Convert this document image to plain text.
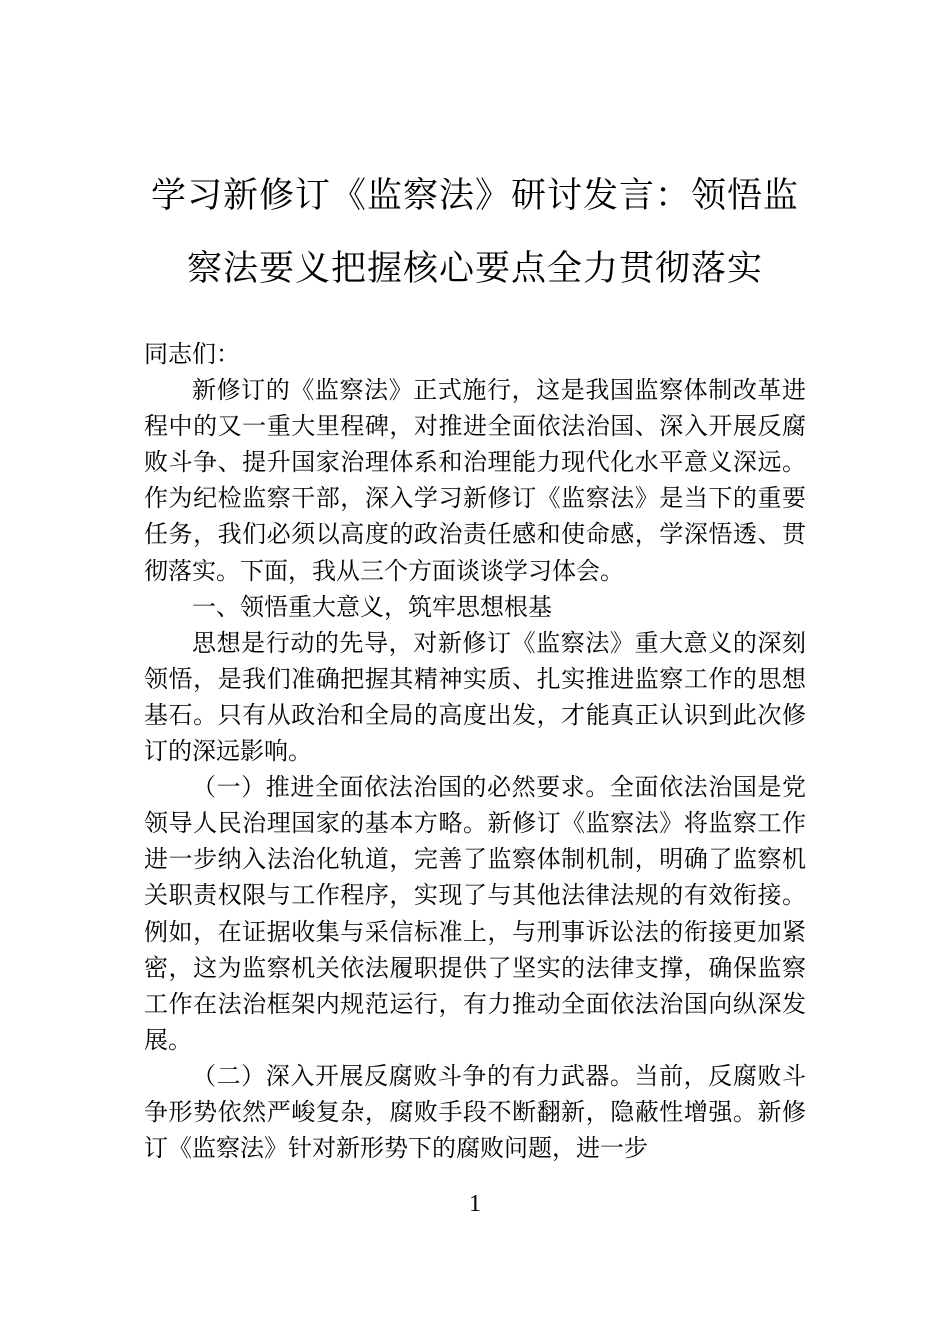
学习新修订《监察法》研讨发言：领悟监
察法要义把握核心要点全力贯彻落实

同志们：

新修订的《监察法》正式施行，这是我国监察体制改革进程中的又一重大里程碑，对推进全面依法治国、深入开展反腐败斗争、提升国家治理体系和治理能力现代化水平意义深远。作为纪检监察干部，深入学习新修订《监察法》是当下的重要任务，我们必须以高度的政治责任感和使命感，学深悟透、贯彻落实。下面，我从三个方面谈谈学习体会。

一、领悟重大意义，筑牢思想根基

思想是行动的先导，对新修订《监察法》重大意义的深刻领悟，是我们准确把握其精神实质、扎实推进监察工作的思想基石。只有从政治和全局的高度出发，才能真正认识到此次修订的深远影响。

（一）推进全面依法治国的必然要求。全面依法治国是党领导人民治理国家的基本方略。新修订《监察法》将监察工作进一步纳入法治化轨道，完善了监察体制机制，明确了监察机关职责权限与工作程序，实现了与其他法律法规的有效衔接。例如，在证据收集与采信标准上，与刑事诉讼法的衔接更加紧密，这为监察机关依法履职提供了坚实的法律支撑，确保监察工作在法治框架内规范运行，有力推动全面依法治国向纵深发展。

（二）深入开展反腐败斗争的有力武器。当前，反腐败斗争形势依然严峻复杂，腐败手段不断翻新，隐蔽性增强。新修订《监察法》针对新形势下的腐败问题，进一步

1
